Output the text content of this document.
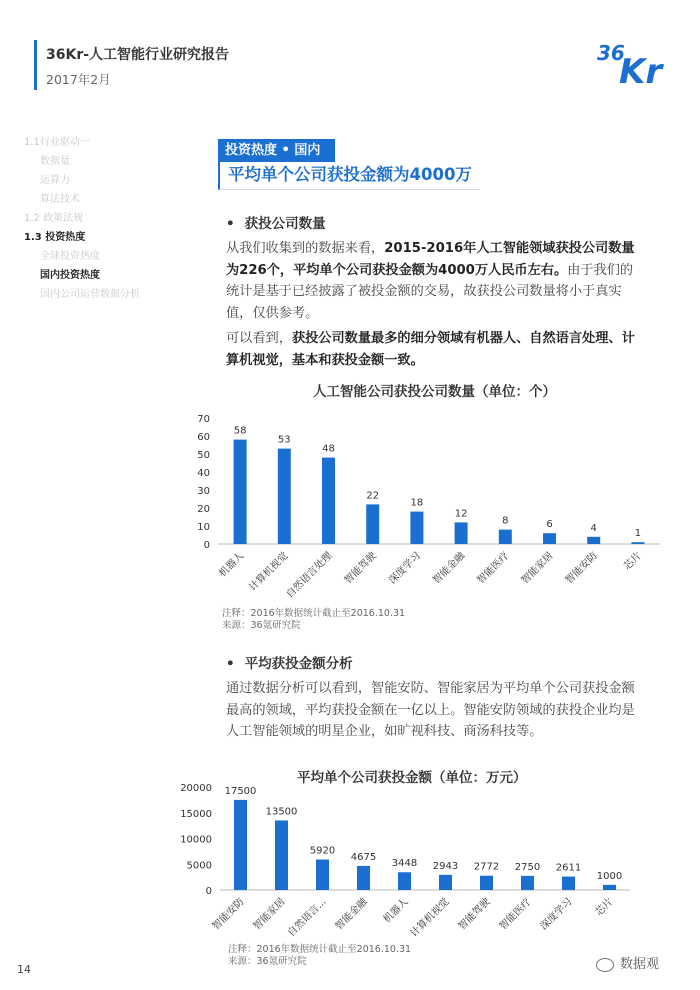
36Kr-人工智能行业研究报告
2017年2月
36
Kr
1.1行业驱动一
数据量
运算力
算法技术
1.2 政策法规
1.3 投资热度
全球投资热度
国内投资热度
国内公司运营数据分析
投资热度 • 国内
平均单个公司获投金额为4000万
• 获投公司数量
从我们收集到的数据来看，2015-2016年人工智能领域获投公司数量为226个，平均单个公司获投金额为4000万人民币左右。由于我们的统计是基于已经披露了被投金额的交易，故获投公司数量将小于真实值，仅供参考。
可以看到，获投公司数量最多的细分领域有机器人、自然语言处理、计算机视觉，基本和获投金额一致。
人工智能公司获投公司数量（单位：个）
0
10
20
30
40
50
60
70
58
机器人
53
计算机视觉
48
自然语言处理
22
智能驾驶
18
深度学习
12
智能金融
8
智能医疗
6
智能家居
4
智能安防
1
芯片
注释：2016年数据统计截止至2016.10.31
来源：36氪研究院
• 平均获投金额分析
通过数据分析可以看到，智能安防、智能家居为平均单个公司获投金额最高的领域，平均获投金额在一亿以上。智能安防领域的获投企业均是人工智能领域的明星企业，如旷视科技、商汤科技等。
平均单个公司获投金额（单位：万元）
0
5000
10000
15000
20000 17500
智能安防
13500
智能家居
5920
自然语言...
4675
智能金融
3448
机器人
2943
计算机视觉
2772
智能驾驶
2750
智能医疗
2611
深度学习
1000
芯片
注释：2016年数据统计截止至2016.10.31
来源：36氪研究院
14	数据观
